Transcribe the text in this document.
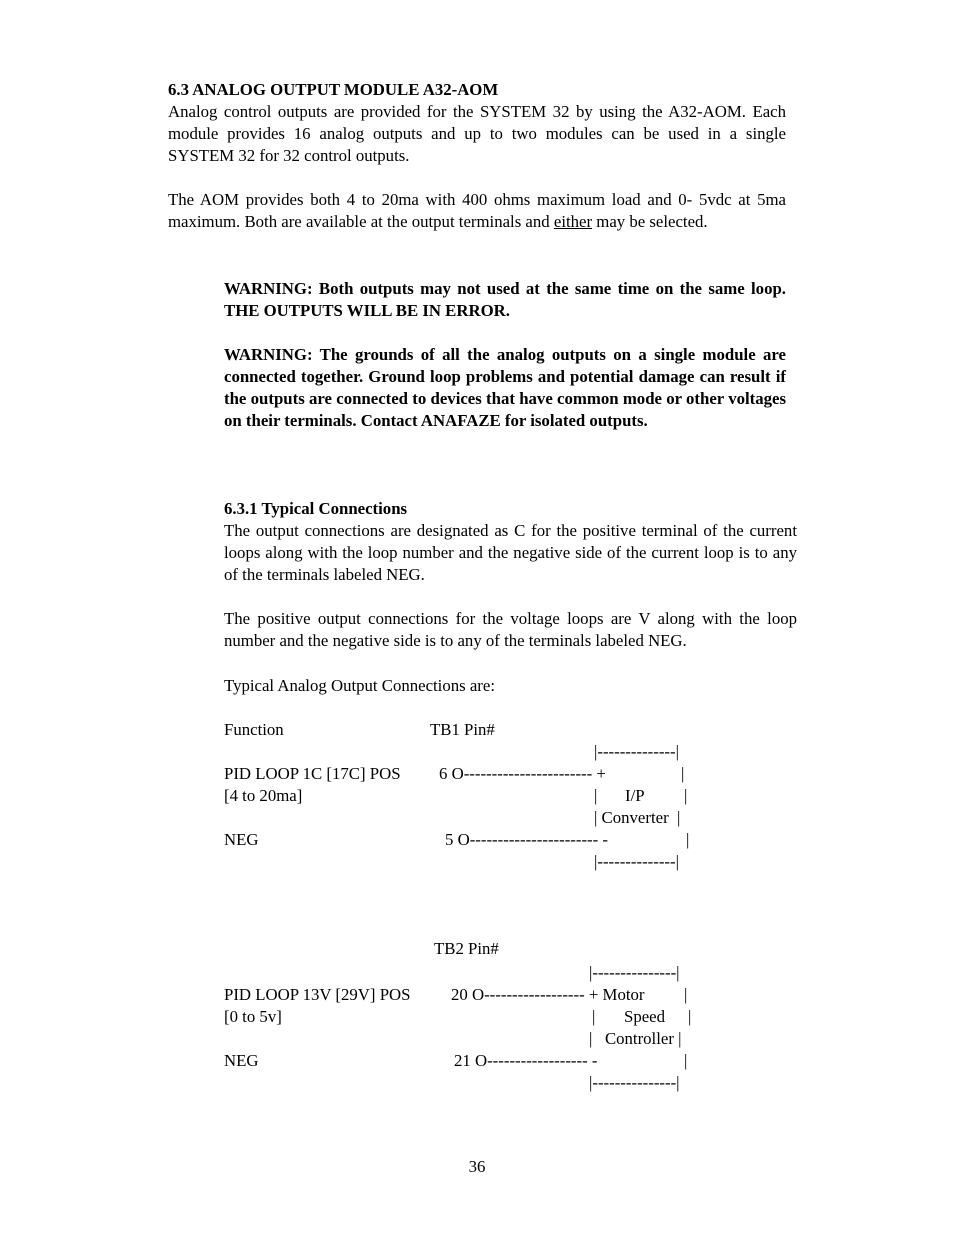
6.3 ANALOG OUTPUT MODULE A32-AOM
Analog control outputs are provided for the SYSTEM 32 by using the A32-AOM. Each module provides 16 analog outputs and up to two modules can be used in a single SYSTEM 32 for 32 control outputs.
The AOM provides both 4 to 20ma with 400 ohms maximum load and 0- 5vdc at 5ma maximum. Both are available at the output terminals and either may be selected.
WARNING: Both outputs may not used at the same time on the same loop. THE OUTPUTS WILL BE IN ERROR.
WARNING: The grounds of all the analog outputs on a single module are connected together. Ground loop problems and potential damage can result if the outputs are connected to devices that have common mode or other voltages on their terminals. Contact ANAFAZE for isolated outputs.
6.3.1 Typical Connections
The output connections are designated as C for the positive terminal of the current loops along with the loop number and the negative side of the current loop is to any of the terminals labeled NEG.
The positive output connections for the voltage loops are V along with the loop number and the negative side is to any of the terminals labeled NEG.
Typical Analog Output Connections are:
Function	TB1 Pin#
|--------------|
PID LOOP 1C [17C] POS 6 O----------------------- +	|
[4 to 20ma]	| I/P |
| Converter  |
NEG	5 O----------------------- -	|
|--------------|
TB2 Pin#
|---------------|
PID LOOP 13V [29V] POS 20 O------------------ + Motor |
[0 to 5v]	| Speed |
|   Controller |
NEG	21 O------------------ -	|
|---------------|
36
